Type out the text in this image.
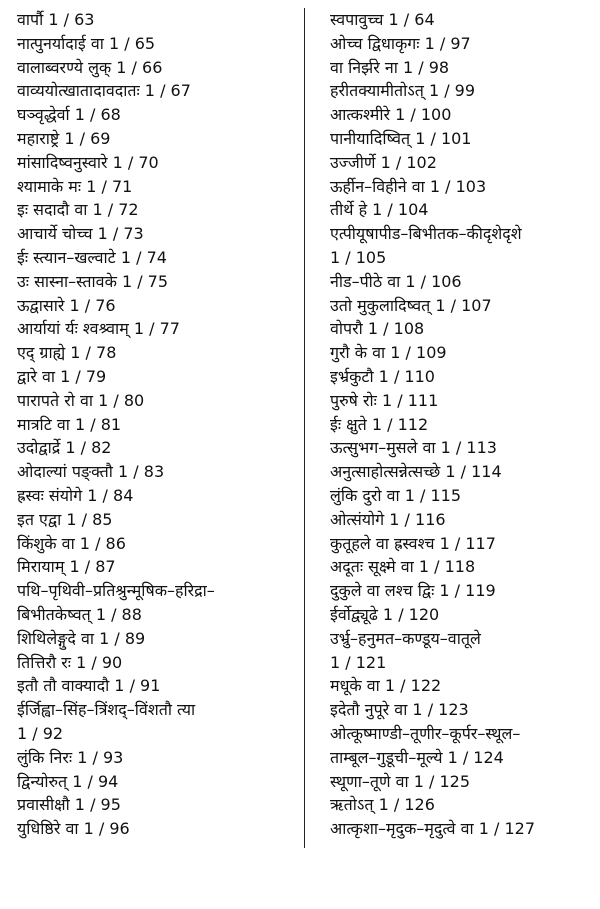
वार्पौ 1 / 63
नात्पुनर्यादाई वा 1 / 65
वालाब्वरण्ये लुक् 1 / 66
वाव्ययोत्खातादावदातः 1 / 67
घञ्वृद्धेर्वा 1 / 68
महाराष्ट्रे 1 / 69
मांसादिष्वनुस्वारे 1 / 70
श्यामाके मः 1 / 71
इः सदादौ वा 1 / 72
आचार्ये चोच्च 1 / 73
ईः स्त्यान–खल्वाटे 1 / 74
उः सास्ना–स्तावके 1 / 75
ऊद्वासारे 1 / 76
आर्यायां र्यः श्वश्र्वाम् 1 / 77
एद् ग्राह्ये 1 / 78
द्वारे वा 1 / 79
पारापते रो वा 1 / 80
मात्रटि वा 1 / 81
उदोद्वार्द्रे 1 / 82
ओदाल्यां पङ्क्तौ 1 / 83
ह्रस्वः संयोगे 1 / 84
इत एद्वा 1 / 85
किंशुके वा 1 / 86
मिरायाम् 1 / 87
पथि–पृथिवी–प्रतिश्रुन्मूषिक–हरिद्रा–
बिभीतकेष्वत् 1 / 88
शिथिलेङ्गुदे वा 1 / 89
तित्तिरौ रः 1 / 90
इतौ तौ वाक्यादौ 1 / 91
ईर्जिह्वा–सिंह–त्रिंशद्–विंशतौ त्या
1 / 92
लुंकि निरः 1 / 93
द्विन्योरुत् 1 / 94
प्रवासीक्षौ 1 / 95
युधिष्ठिरे वा 1 / 96
स्वपावुच्च 1 / 64
ओच्च द्विधाकृगः 1 / 97
वा निर्झरे ना 1 / 98
हरीतक्यामीतोऽत् 1 / 99
आत्कश्मीरे 1 / 100
पानीयादिष्वित् 1 / 101
उज्जीर्णे 1 / 102
ऊर्हीन–विहीने वा 1 / 103
तीर्थे हे 1 / 104
एत्पीयूषापीड–बिभीतक–कीदृशेदृशे
1 / 105
नीड–पीठे वा 1 / 106
उतो मुकुलादिष्वत् 1 / 107
वोपरौ 1 / 108
गुरौ के वा 1 / 109
इर्भ्रकुटौ 1 / 110
पुरुषे रोः 1 / 111
ईः क्षुते 1 / 112
ऊत्सुभग–मुसले वा 1 / 113
अनुत्साहोत्सन्नेत्सच्छे 1 / 114
लुंकि दुरो वा 1 / 115
ओत्संयोगे 1 / 116
कुतूहले वा ह्रस्वश्च 1 / 117
अदूतः सूक्ष्मे वा 1 / 118
दुकुले वा लश्च द्विः 1 / 119
ईर्वोद्व्यूढे 1 / 120
उर्भ्रु–हनुमत–कण्डूय–वातूले
1 / 121
मधूके वा 1 / 122
इदेतौ नुपूरे वा 1 / 123
ओत्कूष्माण्डी–तूणीर–कूर्पर–स्थूल–
ताम्बूल–गुडूची–मूल्ये 1 / 124
स्थूणा–तूणे वा 1 / 125
ऋतोऽत् 1 / 126
आत्कृशा–मृदुक–मृदुत्वे वा 1 / 127
